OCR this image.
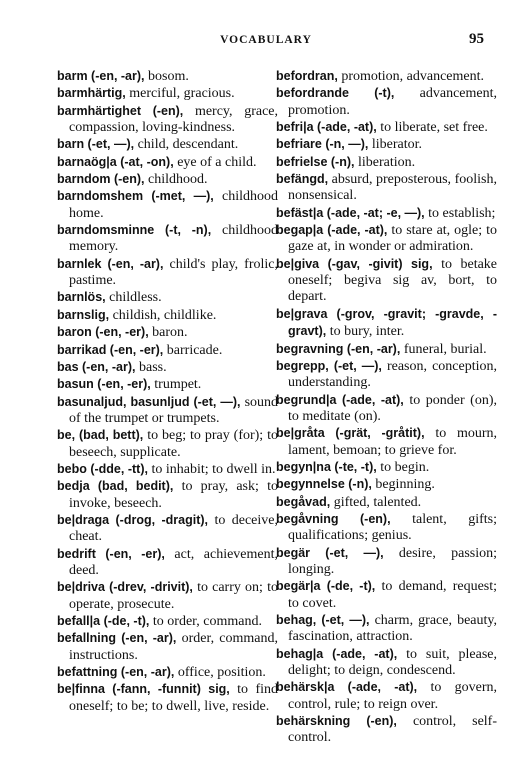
VOCABULARY	95
barm (-en, -ar), bosom.
barmhärtig, merciful, gracious.
barmhärtighet (-en), mercy, grace, compassion, loving-kindness.
barn (-et, —), child, descendant.
barnaög|a (-at, -on), eye of a child.
barndom (-en), childhood.
barndomshem (-met, —), childhood home.
barndomsminne (-t, -n), childhood memory.
barnlek (-en, -ar), child's play, frolic, pastime.
barnlös, childless.
barnslig, childish, childlike.
baron (-en, -er), baron.
barrikad (-en, -er), barricade.
bas (-en, -ar), bass.
basun (-en, -er), trumpet.
basunaljud, basunljud (-et, —), sound of the trumpet or trumpets.
be, (bad, bett), to beg; to pray (for); to beseech, supplicate.
bebo (-dde, -tt), to inhabit; to dwell in.
bedja (bad, bedit), to pray, ask; to invoke, beseech.
be|draga (-drog, -dragit), to deceive, cheat.
bedrift (-en, -er), act, achievement, deed.
be|driva (-drev, -drivit), to carry on; to operate, prosecute.
befall|a (-de, -t), to order, command.
befallning (-en, -ar), order, command, instructions.
befattning (-en, -ar), office, position.
be|finna (-fann, -funnit) sig, to find oneself; to be; to dwell, live, reside.
befordran, promotion, advancement.
befordrande (-t), advancement, promotion.
befri|a (-ade, -at), to liberate, set free.
befriare (-n, —), liberator.
befrielse (-n), liberation.
befängd, absurd, preposterous, foolish, nonsensical.
befäst|a (-ade, -at; -e, —), to establish;
begap|a (-ade, -at), to stare at, ogle; to gaze at, in wonder or admiration.
be|giva (-gav, -givit) sig, to betake oneself; begiva sig av, bort, to depart.
be|grava (-grov, -gravit; -gravde, -gravt), to bury, inter.
begravning (-en, -ar), funeral, burial.
begrepp, (-et, —), reason, conception, understanding.
begrund|a (-ade, -at), to ponder (on), to meditate (on).
be|gråta (-grät, -gråtit), to mourn, lament, bemoan; to grieve for.
begyn|na (-te, -t), to begin.
begynnelse (-n), beginning.
begåvad, gifted, talented.
begåvning (-en), talent, gifts; qualifications; genius.
begär (-et, —), desire, passion; longing.
begär|a (-de, -t), to demand, request; to covet.
behag, (-et, —), charm, grace, beauty, fascination, attraction.
behag|a (-ade, -at), to suit, please, delight; to deign, condescend.
behärsk|a (-ade, -at), to govern, control, rule; to reign over.
behärskning (-en), control, self-control.
